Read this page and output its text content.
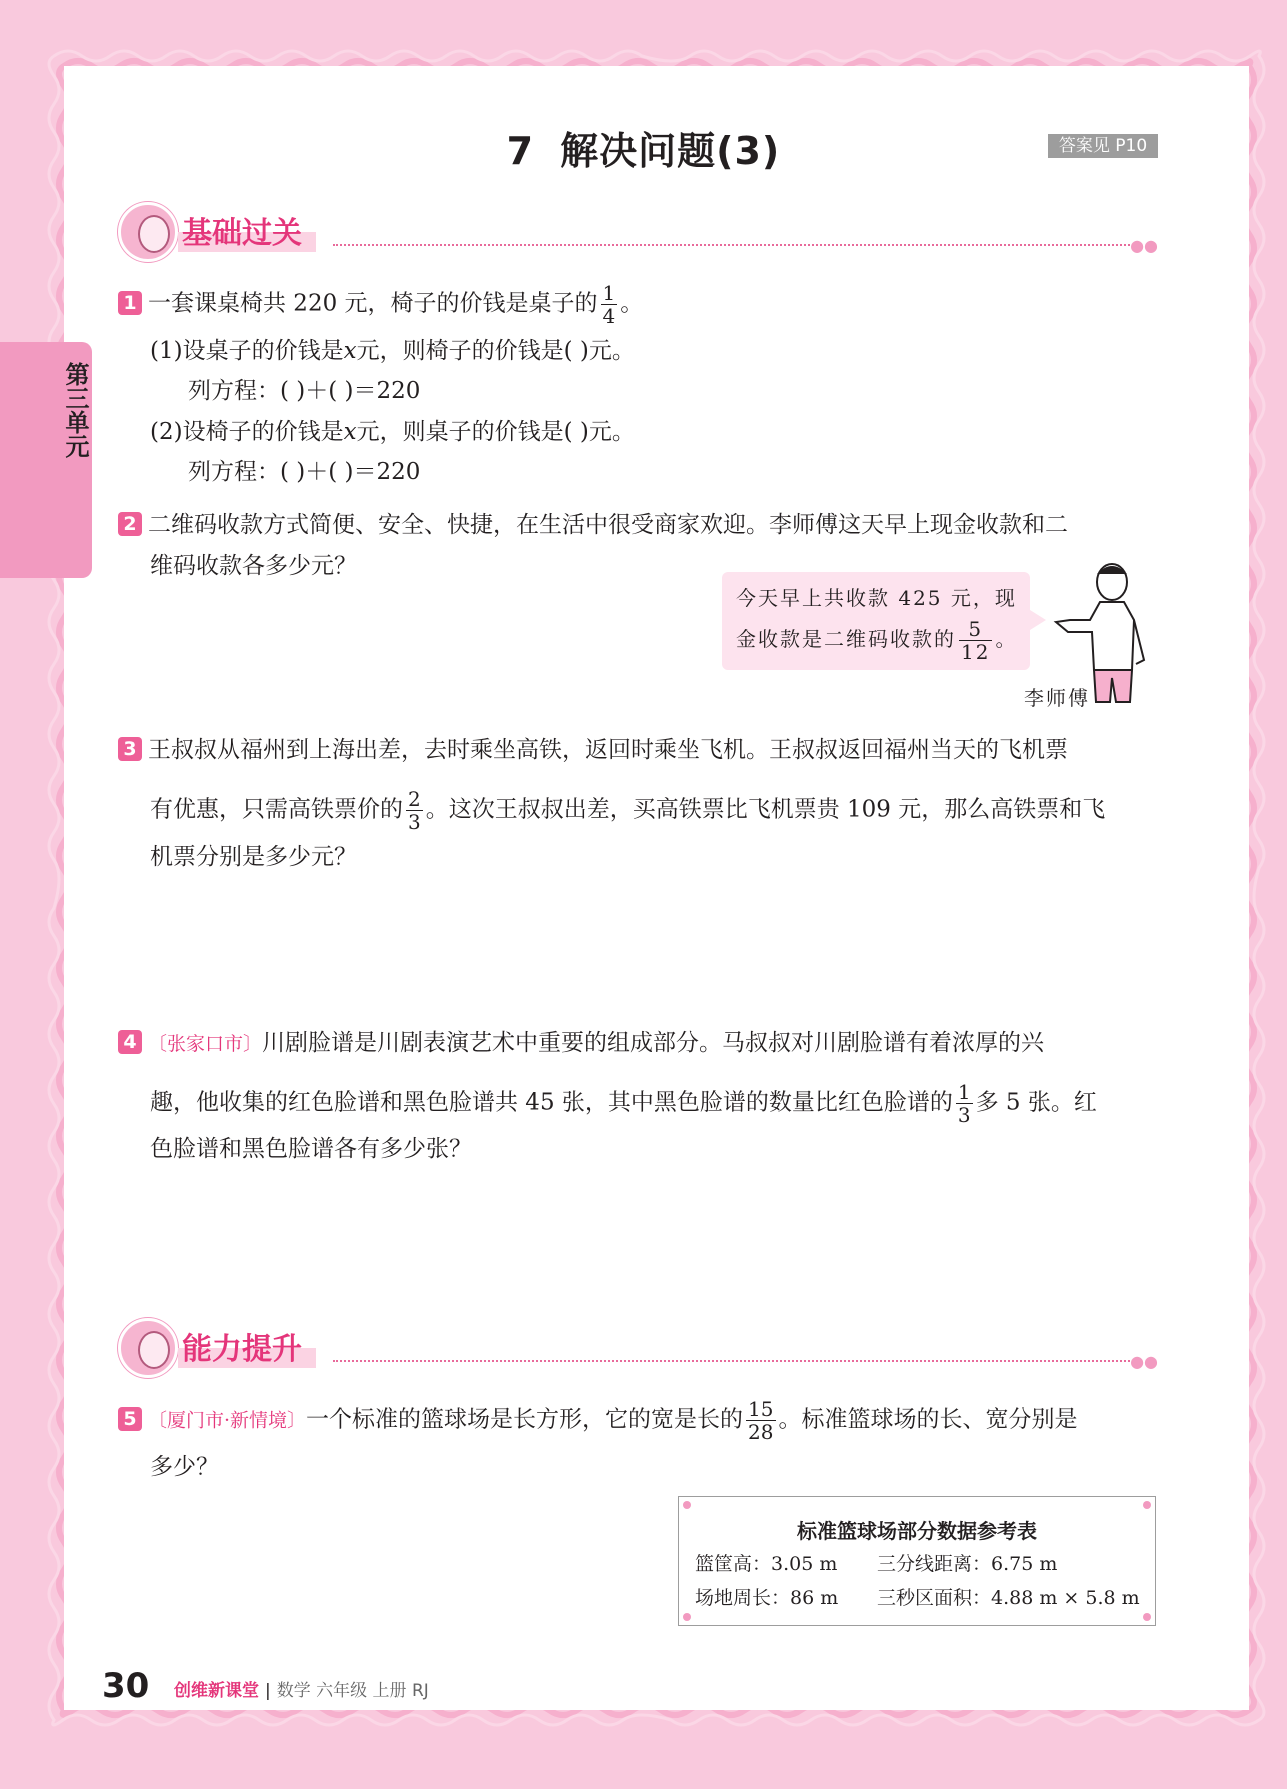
7 解决问题(3)	答案见 P10
第三单元
基础过关	●●
1 一套课桌椅共 220 元，椅子的价钱是桌子的 $\frac{1}{4}$ 。
(1)设桌子的价钱是x元，则椅子的价钱是( )元。
列方程：( )＋( )＝220
(2)设椅子的价钱是x元，则桌子的价钱是( )元。
列方程：( )＋( )＝220
2 二维码收款方式简便、安全、快捷，在生活中很受商家欢迎。李师傅这天早上现金收款和二
维码收款各多少元？
今天早上共收款 425 元，现
金收款是二维码收款的 $\frac{5}{12}$ 。
李师傅
3 王叔叔从福州到上海出差，去时乘坐高铁，返回时乘坐飞机。王叔叔返回福州当天的飞机票
有优惠，只需高铁票价的 $\frac{2}{3}$ 。这次王叔叔出差，买高铁票比飞机票贵 109 元，那么高铁票和飞
机票分别是多少元？
4 〔张家口市〕川剧脸谱是川剧表演艺术中重要的组成部分。马叔叔对川剧脸谱有着浓厚的兴
趣，他收集的红色脸谱和黑色脸谱共 45 张，其中黑色脸谱的数量比红色脸谱的 $\frac{1}{3}$ 多 5 张。红
色脸谱和黑色脸谱各有多少张？
能力提升	●●
5 〔厦门市·新情境〕一个标准的篮球场是长方形，它的宽是长的 $\frac{15}{28}$ 。标准篮球场的长、宽分别是
多少？
标准篮球场部分数据参考表
篮筐高：3.05 m 三分线距离：6.75 m
场地周长：86 m 三秒区面积：4.88 m × 5.8 m
30 创维新课堂 | 数学 六年级 上册 RJ
